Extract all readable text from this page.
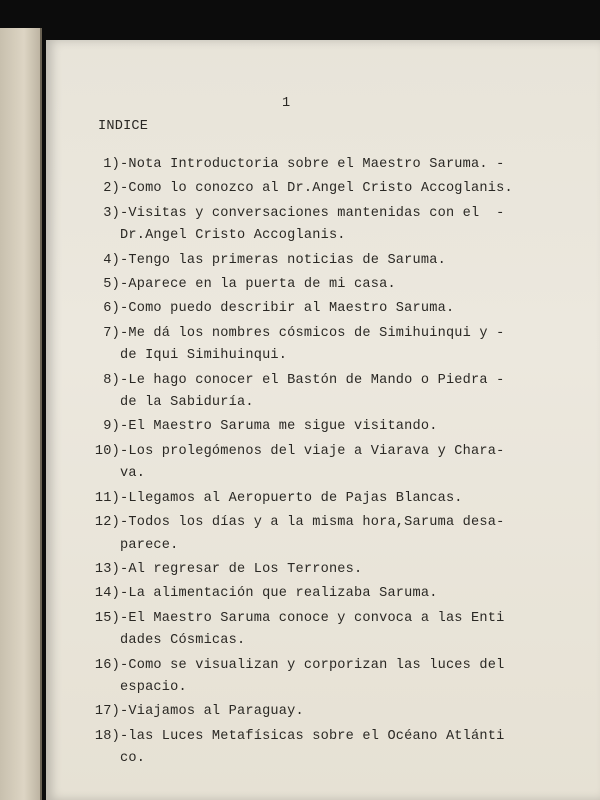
1
INDICE
1) -Nota Introductoria sobre el Maestro Saruma. -
2) -Como lo conozco al Dr.Angel Cristo Accoglanis.
3) -Visitas y conversaciones mantenidas con el  -
Dr.Angel Cristo Accoglanis.
4) -Tengo las primeras noticias de Saruma.
5) -Aparece en la puerta de mi casa.
6) -Como puedo describir al Maestro Saruma.
7) -Me dá los nombres cósmicos de Simihuinqui y -
de Iqui Simihuinqui.
8) -Le hago conocer el Bastón de Mando o Piedra -
de la Sabiduría.
9) -El Maestro Saruma me sigue visitando.
10) -Los prolegómenos del viaje a Viarava y Chara-
va.
11) -Llegamos al Aeropuerto de Pajas Blancas.
12) -Todos los días y a la misma hora,Saruma desa-
parece.
13) -Al regresar de Los Terrones.
14) -La alimentación que realizaba Saruma.
15) -El Maestro Saruma conoce y convoca a las Enti
dades Cósmicas.
16) -Como se visualizan y corporizan las luces del
espacio.
17) -Viajamos al Paraguay.
18) -las Luces Metafísicas sobre el Océano Atlánti
co.
